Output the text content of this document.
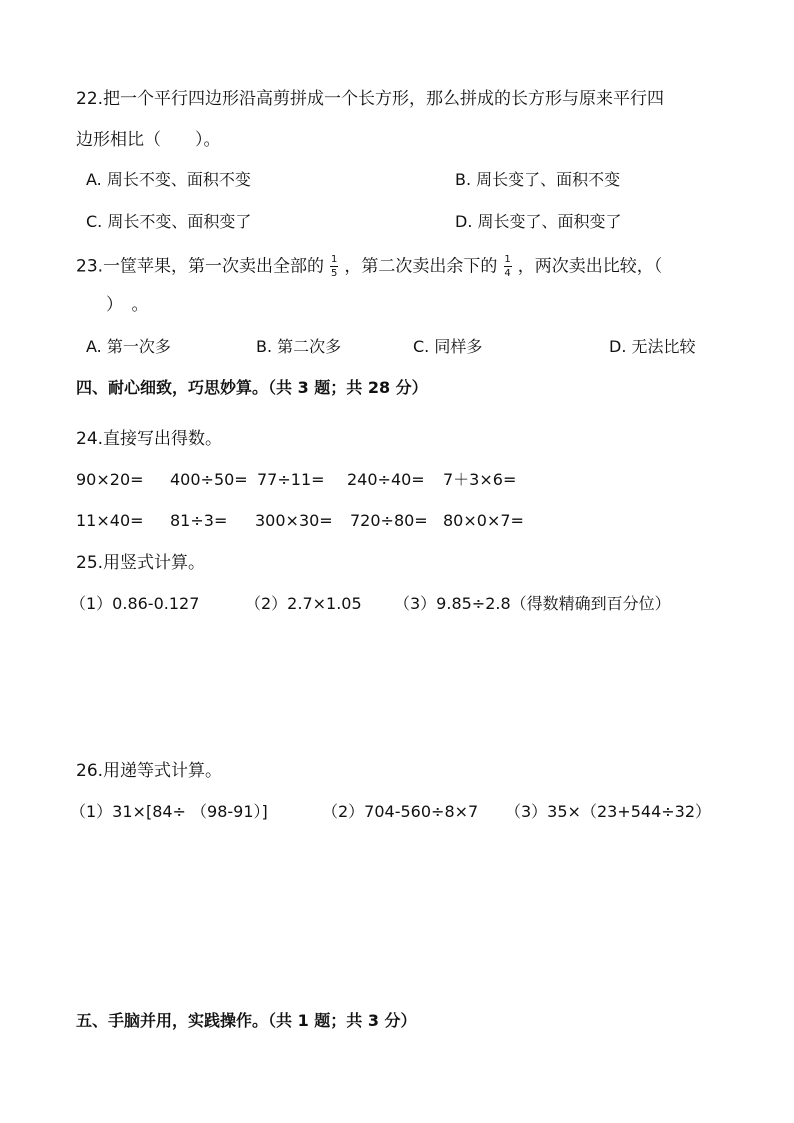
22.把一个平行四边形沿高剪拼成一个长方形，那么拼成的长方形与原来平行四
边形相比（　　）。
A. 周长不变、面积不变	B. 周长变了、面积不变
C. 周长不变、面积变了	D. 周长变了、面积变了
23.一筐苹果，第一次卖出全部的 $\frac{1}{5}$ ，第二次卖出余下的 $\frac{1}{4}$ ，两次卖出比较，（
）　。
A. 第一次多	B. 第二次多	C. 同样多	D. 无法比较
四、耐心细致，巧思妙算。（共 3 题；共 28 分）
24.直接写出得数。
90×20= 400÷50= 77÷11= 240÷40= 7＋3×6=
11×40= 81÷3= 300×30= 720÷80= 80×0×7=
25.用竖式计算。
（1）0.86-0.127	（2）2.7×1.05 （3）9.85÷2.8（得数精确到百分位）
26.用递等式计算。
（1）31×[84÷ （98-91）]	（2）704-560÷8×7 （3）35×（23+544÷32）
五、手脑并用，实践操作。（共 1 题；共 3 分）
